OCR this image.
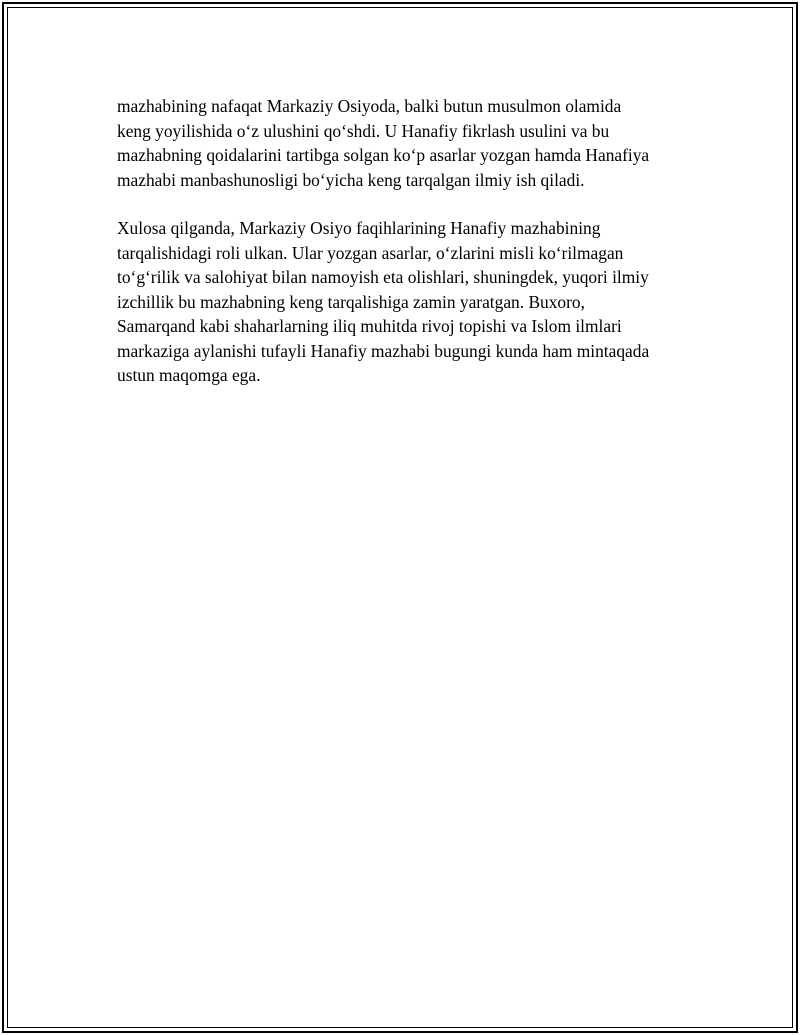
mazhabining nafaqat Markaziy Osiyoda, balki butun musulmon olamida
keng yoyilishida o‘z ulushini qo‘shdi. U Hanafiy fikrlash usulini va bu
mazhabning qoidalarini tartibga solgan ko‘p asarlar yozgan hamda Hanafiya
mazhabi manbashunosligi bo‘yicha keng tarqalgan ilmiy ish qiladi.

Xulosa qilganda, Markaziy Osiyo faqihlarining Hanafiy mazhabining
tarqalishidagi roli ulkan. Ular yozgan asarlar, o‘zlarini misli ko‘rilmagan
to‘g‘rilik va salohiyat bilan namoyish eta olishlari, shuningdek, yuqori ilmiy
izchillik bu mazhabning keng tarqalishiga zamin yaratgan. Buxoro,
Samarqand kabi shaharlarning iliq muhitda rivoj topishi va Islom ilmlari
markaziga aylanishi tufayli Hanafiy mazhabi bugungi kunda ham mintaqada
ustun maqomga ega.
